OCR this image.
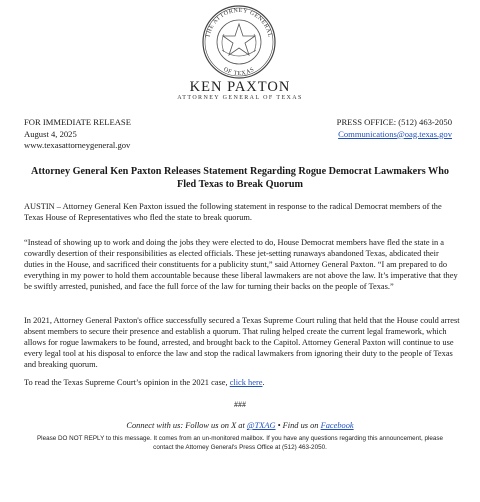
THE ATTORNEY GENERAL
OF TEXAS
KEN PAXTON
ATTORNEY GENERAL OF TEXAS
FOR IMMEDIATE RELEASE
August 4, 2025
www.texasattorneygeneral.gov
PRESS OFFICE: (512) 463-2050
Communications@oag.texas.gov
Attorney General Ken Paxton Releases Statement Regarding Rogue Democrat Lawmakers Who Fled Texas to Break Quorum

AUSTIN – Attorney General Ken Paxton issued the following statement in response to the radical Democrat members of the Texas House of Representatives who fled the state to break quorum.

“Instead of showing up to work and doing the jobs they were elected to do, House Democrat members have fled the state in a cowardly desertion of their responsibilities as elected officials. These jet-setting runaways abandoned Texas, abdicated their duties in the House, and sacrificed their constituents for a publicity stunt,” said Attorney General Paxton. “I am prepared to do everything in my power to hold them accountable because these liberal lawmakers are not above the law. It’s imperative that they be swiftly arrested, punished, and face the full force of the law for turning their backs on the people of Texas.”

In 2021, Attorney General Paxton's office successfully secured a Texas Supreme Court ruling that held that the House could arrest absent members to secure their presence and establish a quorum. That ruling helped create the current legal framework, which allows for rogue lawmakers to be found, arrested, and brought back to the Capitol. Attorney General Paxton will continue to use every legal tool at his disposal to enforce the law and stop the radical lawmakers from ignoring their duty to the people of Texas and breaking quorum.

To read the Texas Supreme Court’s opinion in the 2021 case, click here.

###
Connect with us: Follow us on X at @TXAG • Find us on Facebook
Please DO NOT REPLY to this message. It comes from an un-monitored mailbox. If you have any questions regarding this announcement, please contact the Attorney General's Press Office at (512) 463-2050.
